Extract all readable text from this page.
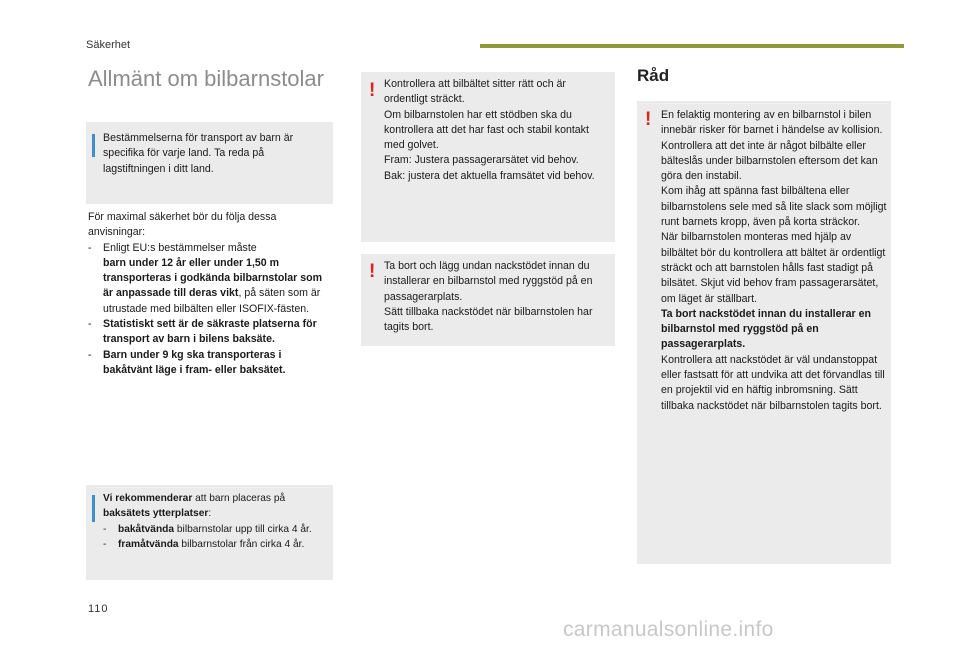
Säkerhet
Allmänt om bilbarnstolar

Bestämmelserna för transport av barn är specifika för varje land. Ta reda på lagstiftningen i ditt land.

För maximal säkerhet bör du följa dessa anvisningar:

-	Enligt EU:s bestämmelser måste
barn under 12 år eller under 1,50 m transporteras i godkända bilbarnstolar som är anpassade till deras vikt, på säten som är utrustade med bilbälten eller ISOFIX-fästen.
-	Statistiskt sett är de säkraste platserna för transport av barn i bilens baksäte.
-	Barn under 9 kg ska transporteras i bakåtvänt läge i fram- eller baksätet.

Vi rekommenderar att barn placeras på
baksätets ytterplatser:

-	bakåtvända bilbarnstolar upp till cirka 4 år.
-	framåtvända bilbarnstolar från cirka 4 år.
! Kontrollera att bilbältet sitter rätt och är ordentligt sträckt.

Om bilbarnstolen har ett stödben ska du kontrollera att det har fast och stabil kontakt med golvet.

Fram: Justera passagerarsätet vid behov.

Bak: justera det aktuella framsätet vid behov.

! Ta bort och lägg undan nackstödet innan du installerar en bilbarnstol med ryggstöd på en passagerarplats.

Sätt tillbaka nackstödet när bilbarnstolen har tagits bort.

Råd
! En felaktig montering av en bilbarnstol i bilen innebär risker för barnet i händelse av kollision.

Kontrollera att det inte är något bilbälte eller bälteslås under bilbarnstolen eftersom det kan göra den instabil.

Kom ihåg att spänna fast bilbältena eller bilbarnstolens sele med så lite slack som möjligt runt barnets kropp, även på korta sträckor.

När bilbarnstolen monteras med hjälp av bilbältet bör du kontrollera att bältet är ordentligt sträckt och att barnstolen hålls fast stadigt på bilsätet. Skjut vid behov fram passagerarsätet, om läget är ställbart.

Ta bort nackstödet innan du installerar en bilbarnstol med ryggstöd på en passagerarplats.

Kontrollera att nackstödet är väl undanstoppat eller fastsatt för att undvika att det förvandlas till en projektil vid en häftig inbromsning. Sätt tillbaka nackstödet när bilbarnstolen tagits bort.

110
carmanualsonline.info
